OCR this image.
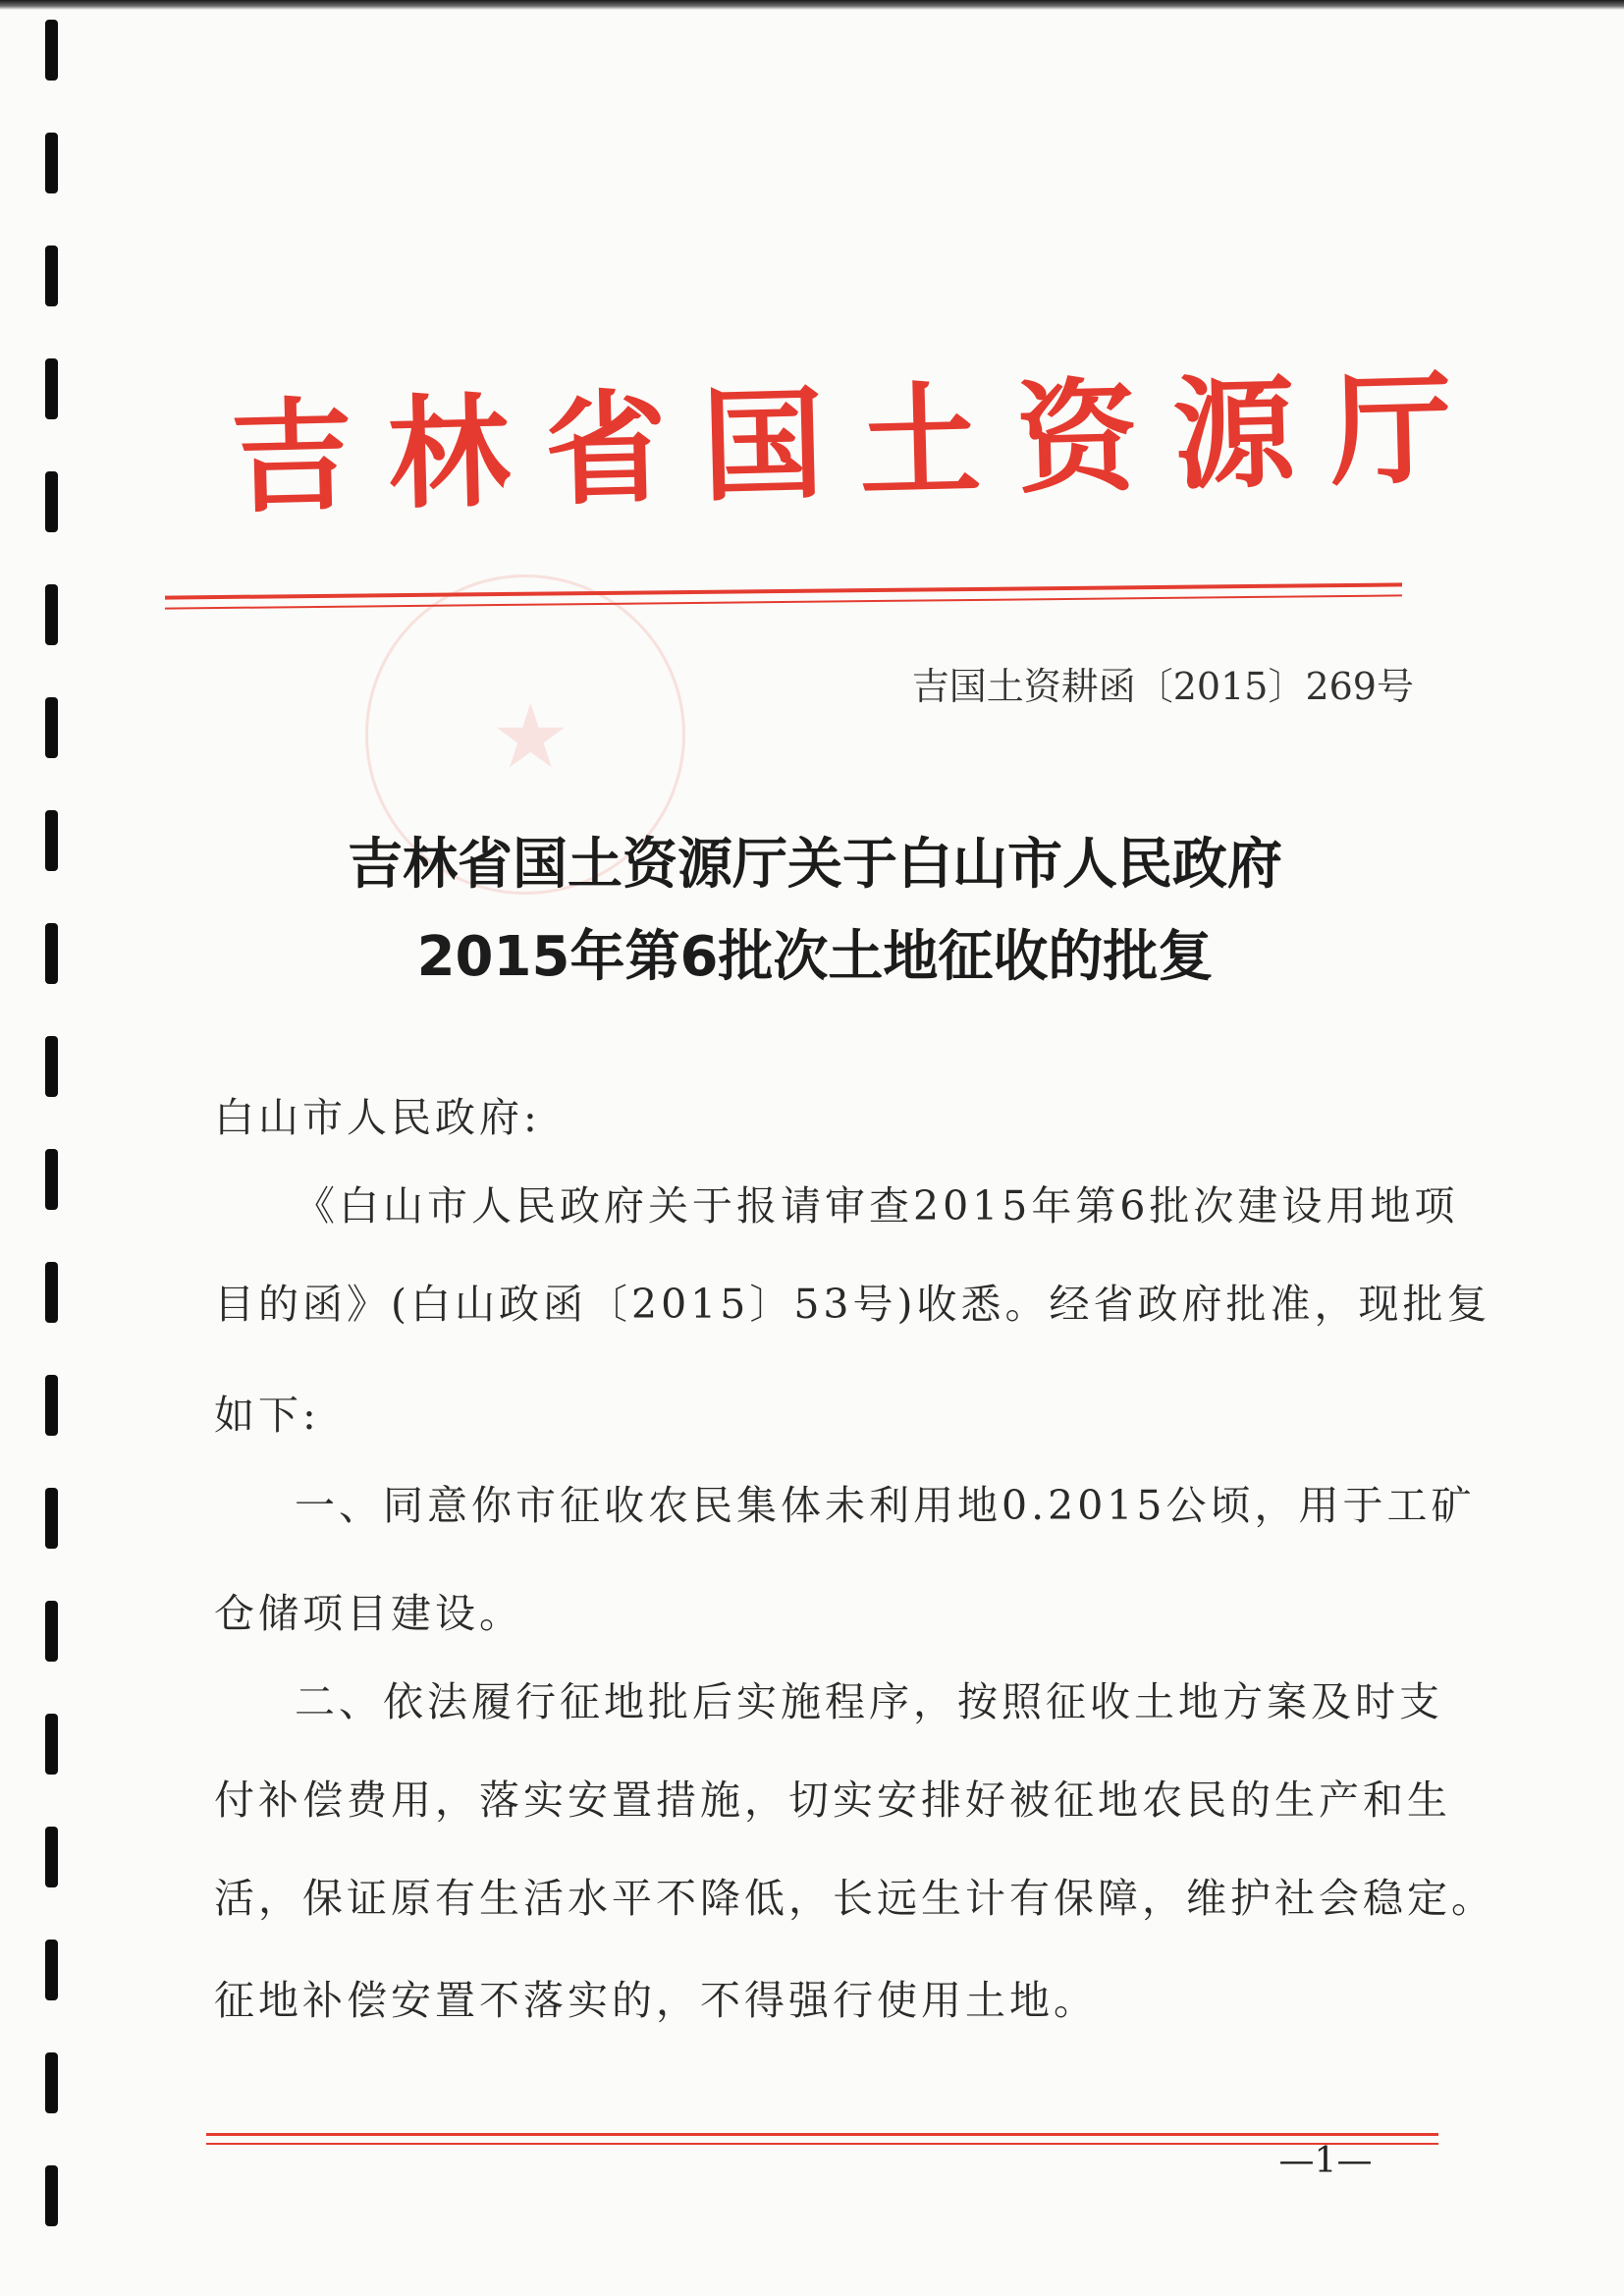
吉林省国土资源厅
★	吉国土资耕函〔2015〕269号
吉林省国土资源厅关于白山市人民政府
2015年第6批次土地征收的批复
白山市人民政府:
《白山市人民政府关于报请审查2015年第6批次建设用地项
目的函》(白山政函〔2015〕53号)收悉。经省政府批准，现批复
如下:
一、同意你市征收农民集体未利用地0.2015公顷，用于工矿
仓储项目建设。
二、依法履行征地批后实施程序，按照征收土地方案及时支
付补偿费用，落实安置措施，切实安排好被征地农民的生产和生
活，保证原有生活水平不降低，长远生计有保障，维护社会稳定。
征地补偿安置不落实的，不得强行使用土地。
—1—
